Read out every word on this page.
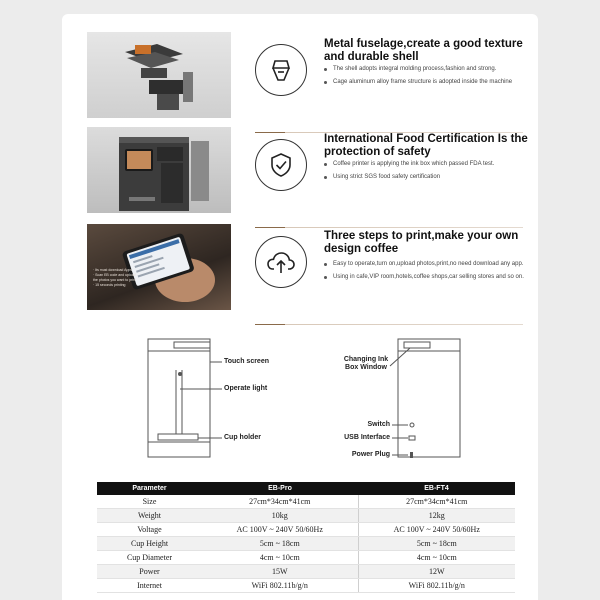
Metal fuselage,create a good texture and durable shell
The shell adopts integral molding process,fashion and strong.
Cage aluminum alloy frame structure is adopted inside the machine
International Food Certification Is the protection of safety
Coffee printer is applying the ink box which passed FDA test.
Using strict SGS food safety certification
· Its must download Apps
· Scan EB code and upload the photos you want to print
· 15 seconds printing
Three steps to print,make your own design coffee
Easy to operate,turn on,upload photos,print,no need download any app.
Using in cafe,VIP room,hotels,coffee shops,car selling stores and so on.

Touch screen

Operate light

Cup holder

Changing Ink Box Window

Switch

USB Interface

Power Plug

Parameter	EB-Pro	EB-FT4
Size	27cm*34cm*41cm	27cm*34cm*41cm
Weight	10kg	12kg
Voltage	AC 100V ~ 240V 50/60Hz	AC 100V ~ 240V 50/60Hz
Cup Height	5cm ~ 18cm	5cm ~ 18cm
Cup Diameter	4cm ~ 10cm	4cm ~ 10cm
Power	15W	12W
Internet	WiFi 802.11b/g/n	WiFi 802.11b/g/n
